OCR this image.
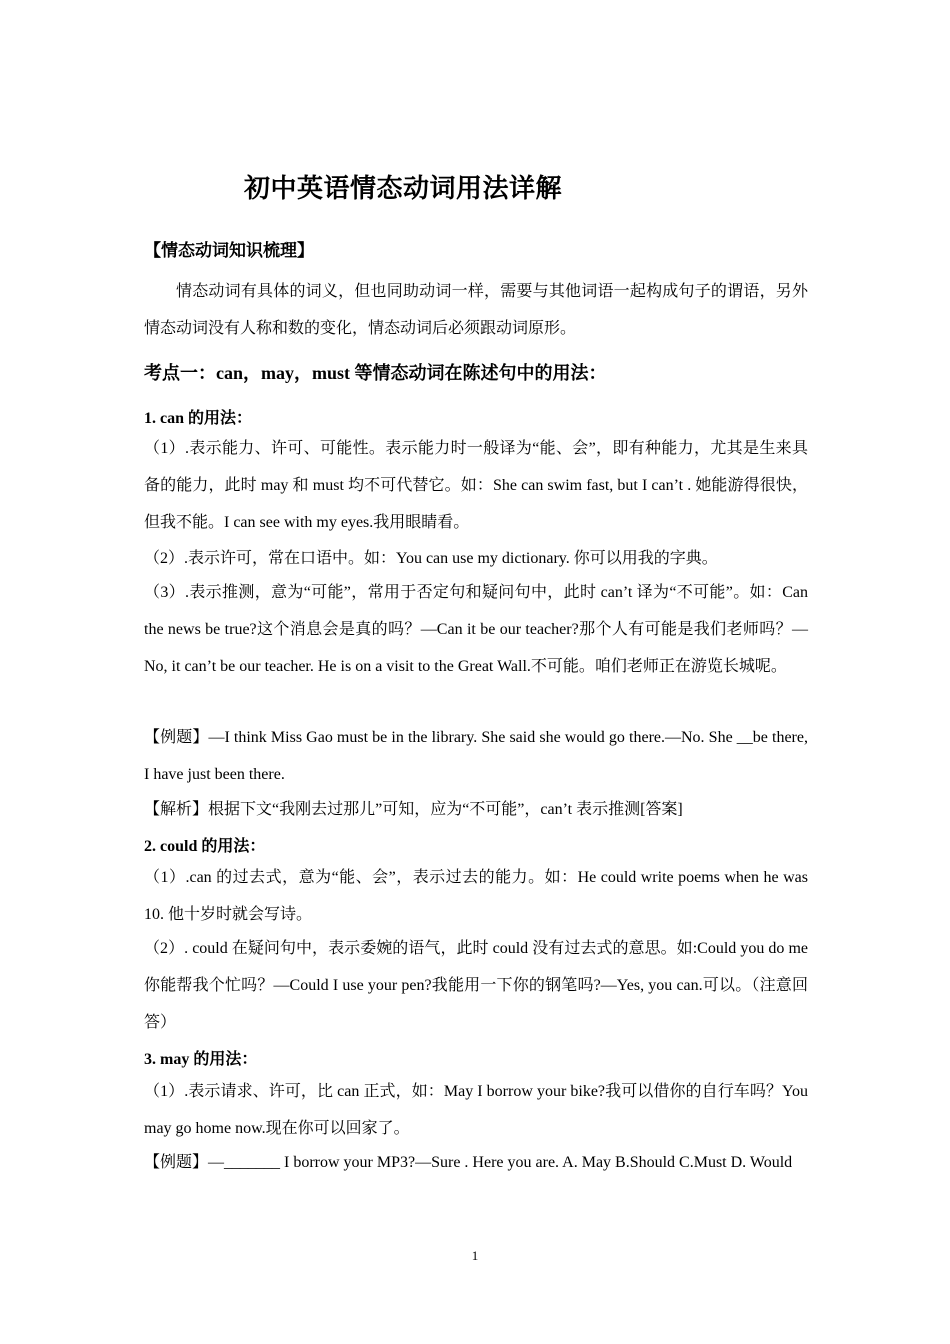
初中英语情态动词用法详解
【情态动词知识梳理】
情态动词有具体的词义，但也同助动词一样，需要与其他词语一起构成句子的谓语，另外情态动词没有人称和数的变化，情态动词后必须跟动词原形。
考点一：can，may，must 等情态动词在陈述句中的用法：
1. can 的用法：
（1）.表示能力、许可、可能性。表示能力时一般译为“能、会”，即有种能力，尤其是生来具备的能力，此时 may 和 must 均不可代替它。如：She can swim fast, but I can’t . 她能游得很快，但我不能。I can see with my eyes.我用眼睛看。
（2）.表示许可，常在口语中。如：You can use my dictionary. 你可以用我的字典。
（3）.表示推测，意为“可能”，常用于否定句和疑问句中，此时 can’t 译为“不可能”。如：Can the news be true?这个消息会是真的吗？—Can it be our teacher?那个人有可能是我们老师吗？—No, it can’t be our teacher. He is on a visit to the Great Wall.不可能。咱们老师正在游览长城呢。
【例题】—I think Miss Gao must be in the library. She said she would go there.—No. She __be there, I have just been there.
【解析】根据下文“我刚去过那儿”可知，应为“不可能”，can’t 表示推测[答案]
2. could 的用法：
（1）.can 的过去式，意为“能、会”，表示过去的能力。如：He could write poems when he was 10. 他十岁时就会写诗。
（2）. could 在疑问句中，表示委婉的语气，此时 could 没有过去式的意思。如:Could you do me 你能帮我个忙吗？—Could I use your pen?我能用一下你的钢笔吗?—Yes, you can.可以。（注意回答）
3. may 的用法：
（1）.表示请求、许可，比 can 正式，如：May I borrow your bike?我可以借你的自行车吗？You may go home now.现在你可以回家了。
【例题】—_______ I borrow your MP3?—Sure . Here you are. A. May B.Should C.Must D. Would
1
